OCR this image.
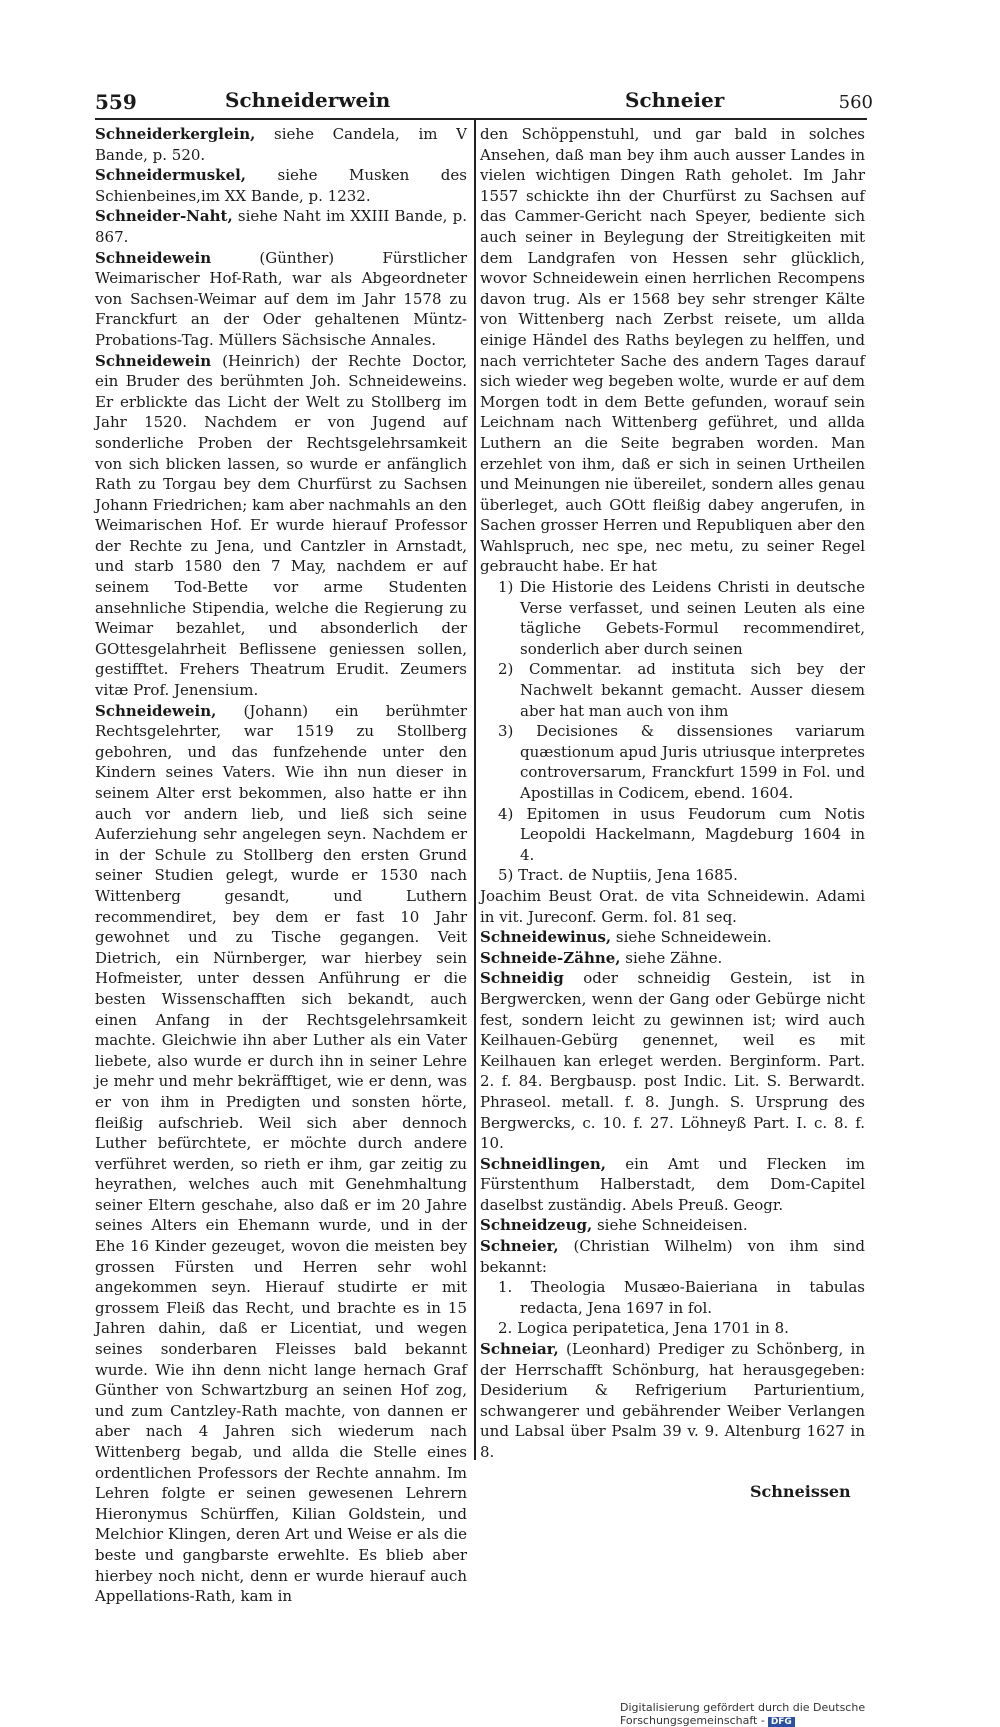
559	Schneiderwein	Schneier	560

Schneiderkerglein, siehe Candela, im V Bande, p. 520.

Schneidermuskel, siehe Musken des Schienbeines,im XX Bande, p. 1232.

Schneider-Naht, siehe Naht im XXIII Bande, p. 867.

Schneidewein (Günther) Fürstlicher Weimarischer Hof-Rath, war als Abgeordneter von Sachsen-Weimar auf dem im Jahr 1578 zu Franckfurt an der Oder gehaltenen Müntz-Probations-Tag. Müllers Sächsische Annales.

Schneidewein (Heinrich) der Rechte Doctor, ein Bruder des berühmten Joh. Schneideweins. Er erblickte das Licht der Welt zu Stollberg im Jahr 1520. Nachdem er von Jugend auf sonderliche Proben der Rechtsgelehrsamkeit von sich blicken lassen, so wurde er anfänglich Rath zu Torgau bey dem Churfürst zu Sachsen Johann Friedrichen; kam aber nachmahls an den Weimarischen Hof. Er wurde hierauf Professor der Rechte zu Jena, und Cantzler in Arnstadt, und starb 1580 den 7 May, nachdem er auf seinem Tod-Bette vor arme Studenten ansehnliche Stipendia, welche die Regierung zu Weimar bezahlet, und absonderlich der GOttesgelahrheit Beflissene geniessen sollen, gestifftet. Frehers Theatrum Erudit. Zeumers vitæ Prof. Jenensium.

Schneidewein, (Johann) ein berühmter Rechtsgelehrter, war 1519 zu Stollberg gebohren, und das funfzehende unter den Kindern seines Vaters. Wie ihn nun dieser in seinem Alter erst bekommen, also hatte er ihn auch vor andern lieb, und ließ sich seine Auferziehung sehr angelegen seyn. Nachdem er in der Schule zu Stollberg den ersten Grund seiner Studien gelegt, wurde er 1530 nach Wittenberg gesandt, und Luthern recommendiret, bey dem er fast 10 Jahr gewohnet und zu Tische gegangen. Veit Dietrich, ein Nürnberger, war hierbey sein Hofmeister, unter dessen Anführung er die besten Wissenschafften sich bekandt, auch einen Anfang in der Rechtsgelehrsamkeit machte. Gleichwie ihn aber Luther als ein Vater liebete, also wurde er durch ihn in seiner Lehre je mehr und mehr bekräfftiget, wie er denn, was er von ihm in Predigten und sonsten hörte, fleißig aufschrieb. Weil sich aber dennoch Luther befürchtete, er möchte durch andere verführet werden, so rieth er ihm, gar zeitig zu heyrathen, welches auch mit Genehmhaltung seiner Eltern geschahe, also daß er im 20 Jahre seines Alters ein Ehemann wurde, und in der Ehe 16 Kinder gezeuget, wovon die meisten bey grossen Fürsten und Herren sehr wohl angekommen seyn. Hierauf studirte er mit grossem Fleiß das Recht, und brachte es in 15 Jahren dahin, daß er Licentiat, und wegen seines sonderbaren Fleisses bald bekannt wurde. Wie ihn denn nicht lange hernach Graf Günther von Schwartzburg an seinen Hof zog, und zum Cantzley-Rath machte, von dannen er aber nach 4 Jahren sich wiederum nach Wittenberg begab, und allda die Stelle eines ordentlichen Professors der Rechte annahm. Im Lehren folgte er seinen gewesenen Lehrern Hieronymus Schürffen, Kilian Goldstein, und Melchior Klingen, deren Art und Weise er als die beste und gangbarste erwehlte. Es blieb aber hierbey noch nicht, denn er wurde hierauf auch Appellations-Rath, kam in

den Schöppenstuhl, und gar bald in solches Ansehen, daß man bey ihm auch ausser Landes in vielen wichtigen Dingen Rath geholet. Im Jahr 1557 schickte ihn der Churfürst zu Sachsen auf das Cammer-Gericht nach Speyer, bediente sich auch seiner in Beylegung der Streitigkeiten mit dem Landgrafen von Hessen sehr glücklich, wovor Schneidewein einen herrlichen Recompens davon trug. Als er 1568 bey sehr strenger Kälte von Wittenberg nach Zerbst reisete, um allda einige Händel des Raths beylegen zu helffen, und nach verrichteter Sache des andern Tages darauf sich wieder weg begeben wolte, wurde er auf dem Morgen todt in dem Bette gefunden, worauf sein Leichnam nach Wittenberg geführet, und allda Luthern an die Seite begraben worden. Man erzehlet von ihm, daß er sich in seinen Urtheilen und Meinungen nie übereilet, sondern alles genau überleget, auch GOtt fleißig dabey angerufen, in Sachen grosser Herren und Republiquen aber den Wahlspruch, nec spe, nec metu, zu seiner Regel gebraucht habe. Er hat

1) Die Historie des Leidens Christi in deutsche Verse verfasset, und seinen Leuten als eine tägliche Gebets-Formul recommendiret, sonderlich aber durch seinen

2) Commentar. ad instituta sich bey der Nachwelt bekannt gemacht. Ausser diesem aber hat man auch von ihm

3) Decisiones & dissensiones variarum quæstionum apud Juris utriusque interpretes controversarum, Franckfurt 1599 in Fol. und Apostillas in Codicem, ebend. 1604.

4) Epitomen in usus Feudorum cum Notis Leopoldi Hackelmann, Magdeburg 1604 in 4.

5) Tract. de Nuptiis, Jena 1685.

Joachim Beust Orat. de vita Schneidewin. Adami in vit. Jureconf. Germ. fol. 81 seq.

Schneidewinus, siehe Schneidewein.

Schneide-Zähne, siehe Zähne.

Schneidig oder schneidig Gestein, ist in Bergwercken, wenn der Gang oder Gebürge nicht fest, sondern leicht zu gewinnen ist; wird auch Keilhauen-Gebürg genennet, weil es mit Keilhauen kan erleget werden. Berginform. Part. 2. f. 84. Bergbausp. post Indic. Lit. S. Berwardt. Phraseol. metall. f. 8. Jungh. S. Ursprung des Bergwercks, c. 10. f. 27. Löhneyß Part. I. c. 8. f. 10.

Schneidlingen, ein Amt und Flecken im Fürstenthum Halberstadt, dem Dom-Capitel daselbst zuständig. Abels Preuß. Geogr.

Schneidzeug, siehe Schneideisen.

Schneier, (Christian Wilhelm) von ihm sind bekannt:

1. Theologia Musæo-Baieriana in tabulas redacta, Jena 1697 in fol.

2. Logica peripatetica, Jena 1701 in 8.

Schneiar, (Leonhard) Prediger zu Schönberg, in der Herrschafft Schönburg, hat herausgegeben: Desiderium & Refrigerium Parturientium, schwangerer und gebährender Weiber Verlangen und Labsal über Psalm 39 v. 9. Altenburg 1627 in 8.

Schneissen
Digitalisierung gefördert durch die Deutsche Forschungsgemeinschaft - DFG
